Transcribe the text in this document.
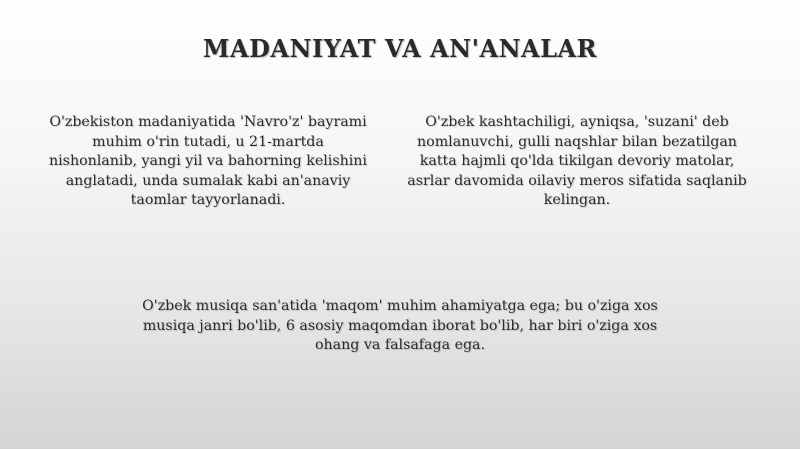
MADANIYAT VA AN'ANALAR

O'zbekiston madaniyatida 'Navro'z' bayrami muhim o'rin tutadi, u 21-martda nishonlanib, yangi yil va bahorning kelishini anglatadi, unda sumalak kabi an'anaviy taomlar tayyorlanadi.

O'zbek kashtachiligi, ayniqsa, 'suzani' deb nomlanuvchi, gulli naqshlar bilan bezatilgan katta hajmli qo'lda tikilgan devoriy matolar, asrlar davomida oilaviy meros sifatida saqlanib kelingan.

O'zbek musiqa san'atida 'maqom' muhim ahamiyatga ega; bu o'ziga xos musiqa janri bo'lib, 6 asosiy maqomdan iborat bo'lib, har biri o'ziga xos ohang va falsafaga ega.
